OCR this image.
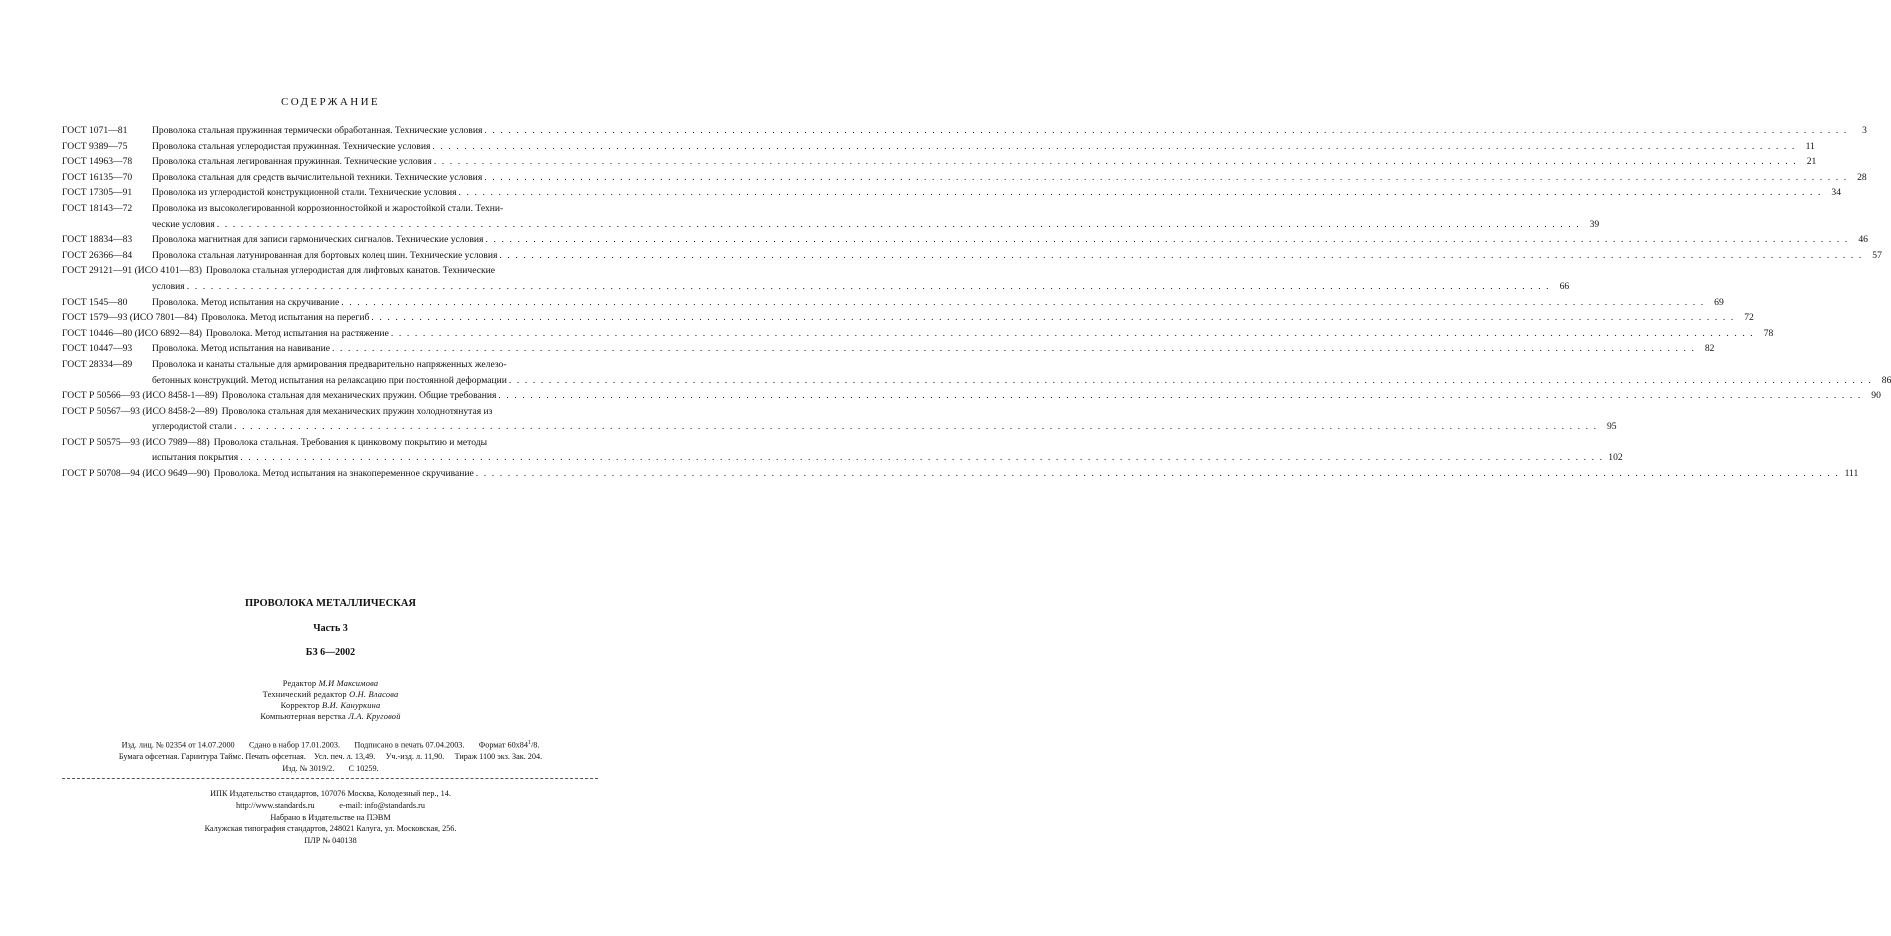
СОДЕРЖАНИЕ
ГОСТ 1071—81	Проволока стальная пружинная термически обработанная. Технические условия . . .	3
ГОСТ 9389—75	Проволока стальная углеродистая пружинная. Технические условия . . .	11
ГОСТ 14963—78	Проволока стальная легированная пружинная. Технические условия . . .	21
ГОСТ 16135—70	Проволока стальная для средств вычислительной техники. Технические условия . . .	28
ГОСТ 17305—91	Проволока из углеродистой конструкционной стали. Технические условия . . .	34
ГОСТ 18143—72	Проволока из высоколегированной коррозионностойкой и жаростойкой стали. Техни-
ческие условия . . .	39
ГОСТ 18834—83	Проволока магнитная для записи гармонических сигналов. Технические условия . . .	46
ГОСТ 26366—84	Проволока стальная латунированная для бортовых колец шин. Технические условия . . .	57
ГОСТ 29121—91 (ИСО 4101—83) Проволока стальная углеродистая для лифтовых канатов. Технические
условия . . .	66
ГОСТ 1545—80	Проволока. Метод испытания на скручивание . . .	69
ГОСТ 1579—93 (ИСО 7801—84) Проволока. Метод испытания на перегиб . . .	72
ГОСТ 10446—80 (ИСО 6892—84) Проволока. Метод испытания на растяжение . . .	78
ГОСТ 10447—93	Проволока. Метод испытания на навивание . . .	82
ГОСТ 28334—89	Проволока и канаты стальные для армирования предварительно напряженных железо-
бетонных конструкций. Метод испытания на релаксацию при постоянной деформации . . .	86
ГОСТ Р 50566—93 (ИСО 8458-1—89) Проволока стальная для механических пружин. Общие требования . . .	90
ГОСТ Р 50567—93 (ИСО 8458-2—89) Проволока стальная для механических пружин холоднотянутая из
углеродистой стали . . .	95
ГОСТ Р 50575—93 (ИСО 7989—88) Проволока стальная. Требования к цинковому покрытию и методы
испытания покрытия . . .	102
ГОСТ Р 50708—94 (ИСО 9649—90) Проволока. Метод испытания на знакопеременное скручивание . . .	111
ПРОВОЛОКА МЕТАЛЛИЧЕСКАЯ
Часть 3
БЗ 6—2002
Редактор М.И Максимова
Технический редактор О.Н. Власова
Корректор В.И. Кануркина
Компьютерная верстка Л.А. Круговой
Изд. лиц. № 02354 от 14.07.2000 Сдано в набор 17.01.2003. Подписано в печать 07.04.2003. Формат $60х84^1/8$.
Бумага офсетная. Гарнитура Таймс. Печать офсетная. Усл. печ. л. 13,49. Уч.-изд. л. 11,90. Тираж 1100 экз. Зак. 204.
Изд. № 3019/2. С 10259.
ИПК Издательство стандартов, 107076 Москва, Колодезный пер., 14.
http://www.standards.ru	e-mail: info@standards.ru
Набрано в Издательстве на ПЭВМ
Калужская типография стандартов, 248021 Калуга, ул. Московская, 256.
ПЛР № 040138
